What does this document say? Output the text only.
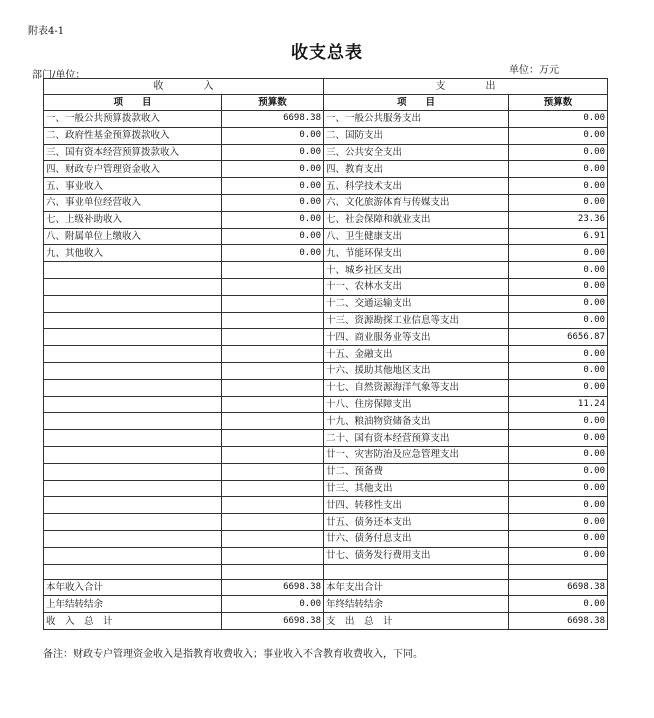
附表4-1
收支总表
单位：万元
部门/单位：
收　　　　入		支　　　　出	
项　　目	预算数	项　　目	预算数
一、一般公共预算拨款收入	6698.38	一、一般公共服务支出	0.00
二、政府性基金预算拨款收入	0.00	二、国防支出	0.00
三、国有资本经营预算拨款收入	0.00	三、公共安全支出	0.00
四、财政专户管理资金收入	0.00	四、教育支出	0.00
五、事业收入	0.00	五、科学技术支出	0.00
六、事业单位经营收入	0.00	六、文化旅游体育与传媒支出	0.00
七、上级补助收入	0.00	七、社会保障和就业支出	23.36
八、附属单位上缴收入	0.00	八、卫生健康支出	6.91
九、其他收入	0.00	九、节能环保支出	0.00
		十、城乡社区支出	0.00
		十一、农林水支出	0.00
		十二、交通运输支出	0.00
		十三、资源勘探工业信息等支出	0.00
		十四、商业服务业等支出	6656.87
		十五、金融支出	0.00
		十六、援助其他地区支出	0.00
		十七、自然资源海洋气象等支出	0.00
		十八、住房保障支出	11.24
		十九、粮油物资储备支出	0.00
		二十、国有资本经营预算支出	0.00
		廿一、灾害防治及应急管理支出	0.00
		廿二、预备费	0.00
		廿三、其他支出	0.00
		廿四、转移性支出	0.00
		廿五、债务还本支出	0.00
		廿六、债务付息支出	0.00
		廿七、债务发行费用支出	0.00

本年收入合计	6698.38	本年支出合计	6698.38
上年结转结余	0.00	年终结转结余	0.00
收　入　总　计	6698.38	支　出　总　计	6698.38
备注：财政专户管理资金收入是指教育收费收入；事业收入不含教育收费收入，下同。
